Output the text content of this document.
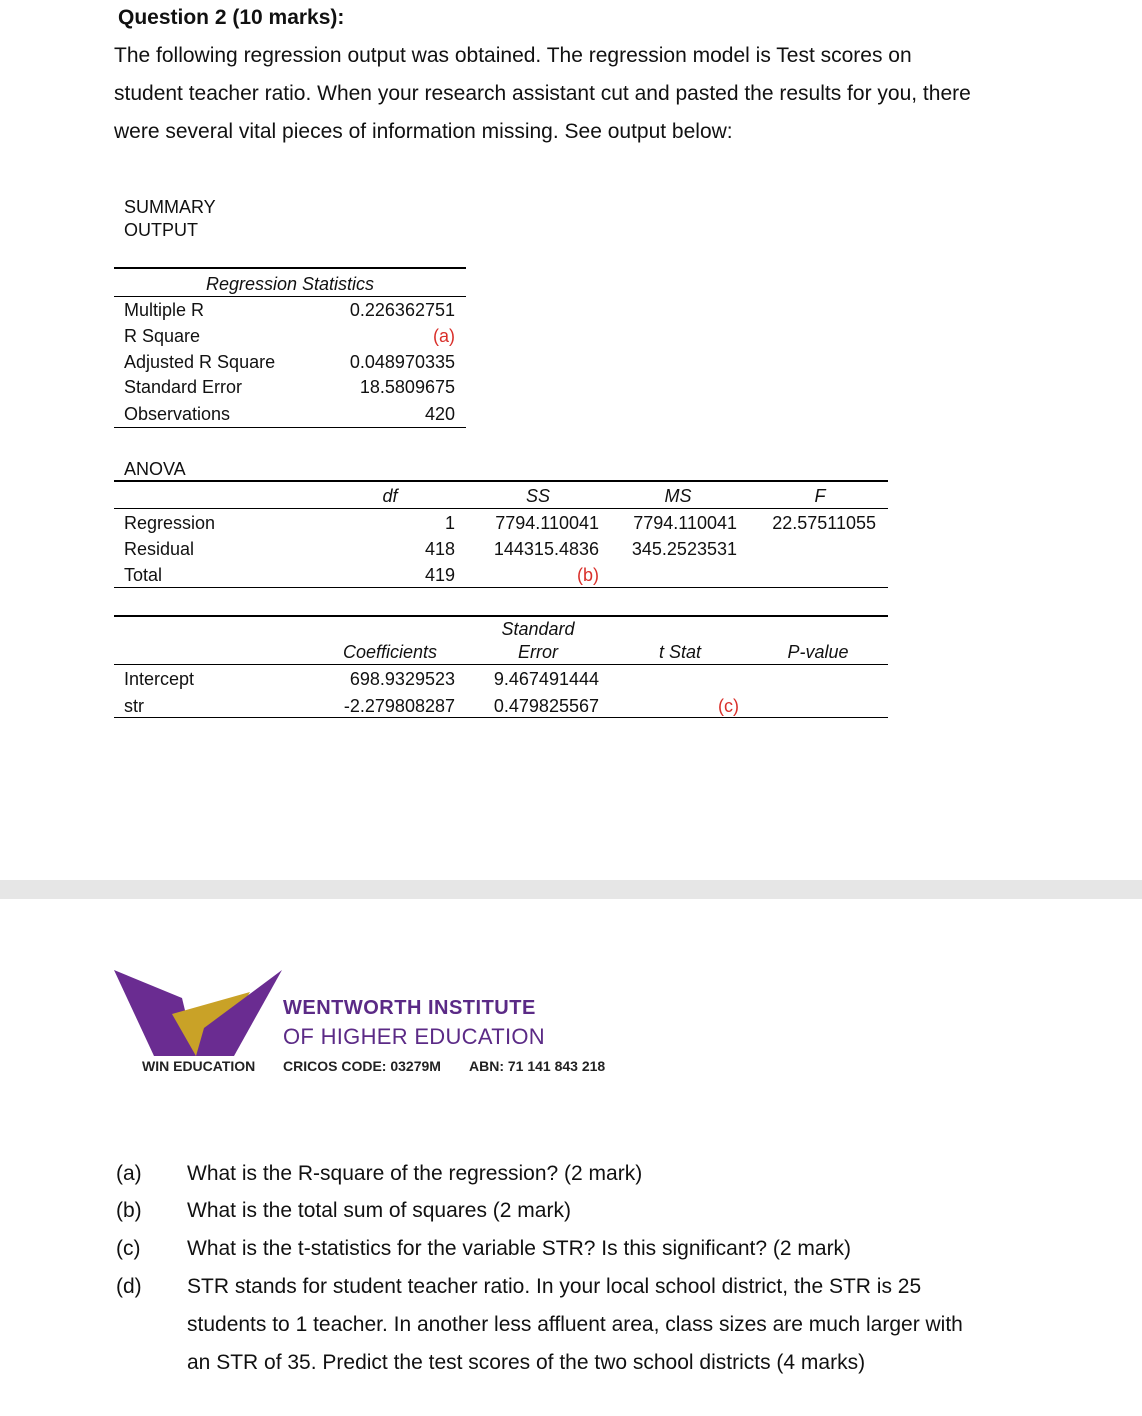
Question 2 (10 marks):
The following regression output was obtained. The regression model is Test scores on
student teacher ratio. When your research assistant cut and pasted the results for you, there
were several vital pieces of information missing. See output below:
SUMMARY
OUTPUT
Regression Statistics
Multiple R	0.226362751
R Square	(a)
Adjusted R Square	0.048970335
Standard Error	18.5809675
Observations	420
ANOVA
df	SS	MS	F
Regression	1	7794.110041	7794.110041	22.57511055
Residual	418	144315.4836	345.2523531
Total	419	(b)
Standard
Coefficients	Error	t Stat	P-value
Intercept	698.9329523	9.467491444
str	-2.279808287	0.479825567	(c)
WENTWORTH INSTITUTE
OF HIGHER EDUCATION
WIN EDUCATION CRICOS CODE: 03279M ABN: 71 141 843 218
(a) What is the R-square of the regression? (2 mark)
(b) What is the total sum of squares (2 mark)
(c) What is the t-statistics for the variable STR? Is this significant? (2 mark)
(d) STR stands for student teacher ratio. In your local school district, the STR is 25
students to 1 teacher. In another less affluent area, class sizes are much larger with
an STR of 35. Predict the test scores of the two school districts (4 marks)
